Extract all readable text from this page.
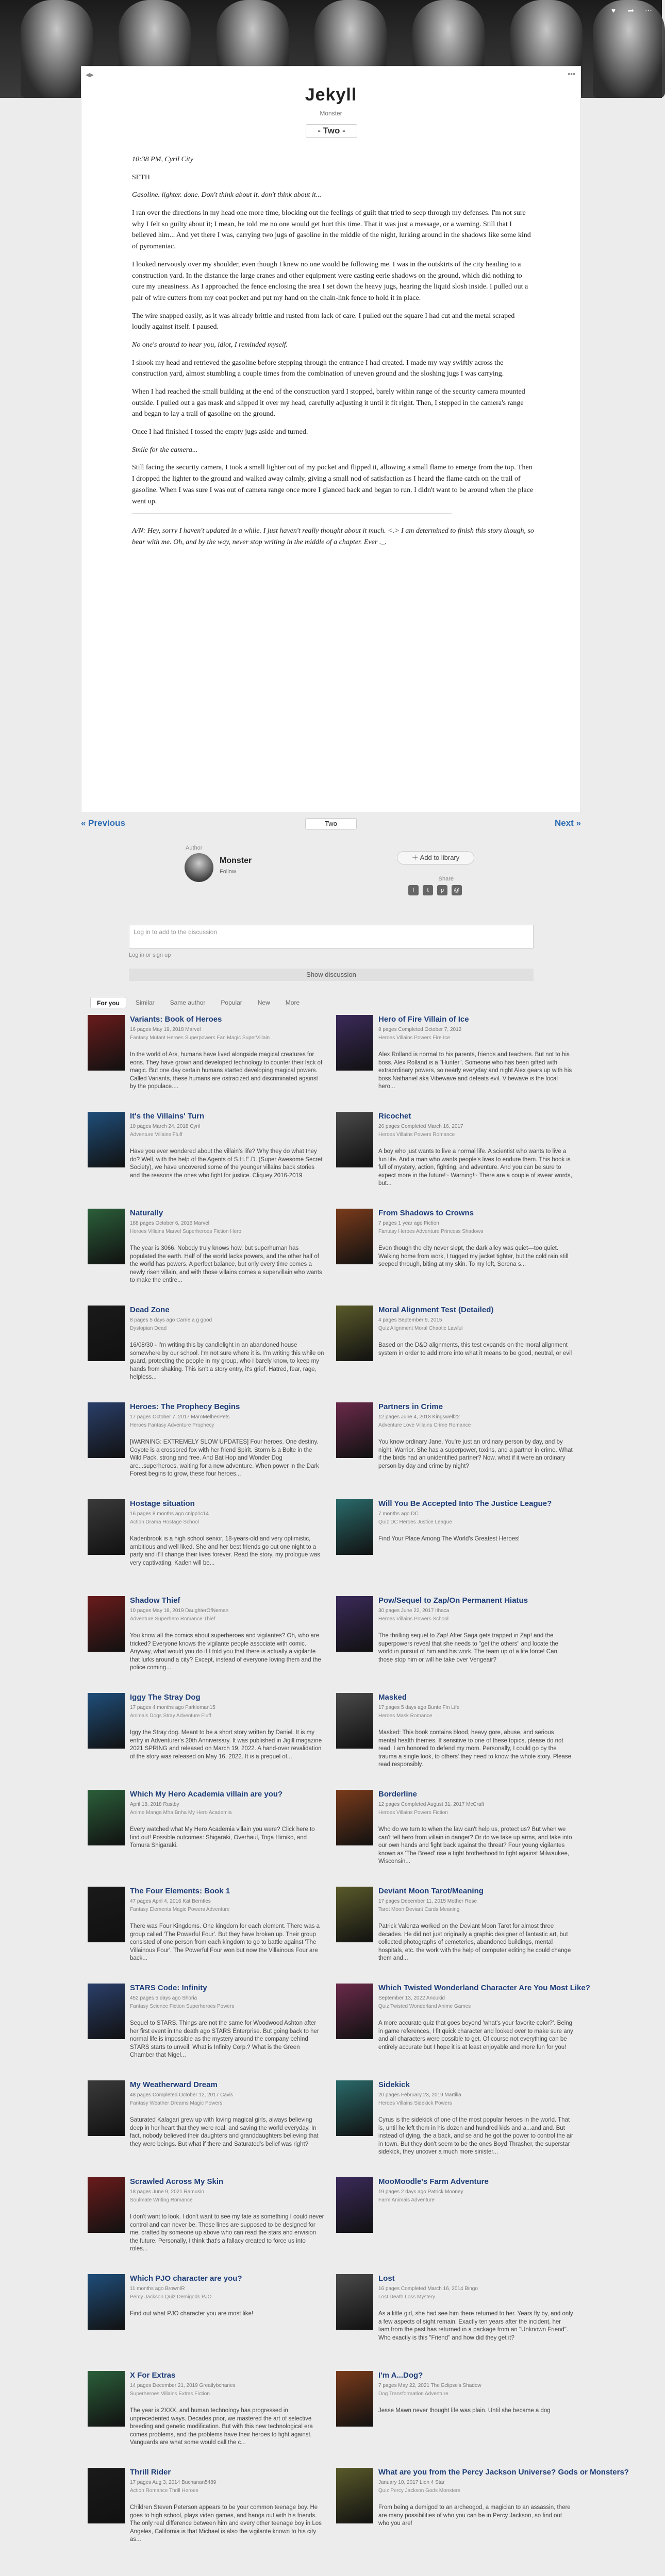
♥ ➦ ⋯
◂▸	•••
Jekyll
Monster
- Two -

10:38 PM, Cyril City

SETH

Gasoline. lighter. done. Don't think about it. don't think about it...

I ran over the directions in my head one more time, blocking out the feelings of guilt that tried to seep through my defenses. I'm not sure why I felt so guilty about it; I mean, he told me no one would get hurt this time. That it was just a message, or a warning. Still that I believed him... And yet there I was, carrying two jugs of gasoline in the middle of the night, lurking around in the shadows like some kind of pyromaniac.

I looked nervously over my shoulder, even though I knew no one would be following me. I was in the outskirts of the city heading to a construction yard. In the distance the large cranes and other equipment were casting eerie shadows on the ground, which did nothing to cure my uneasiness. As I approached the fence enclosing the area I set down the heavy jugs, hearing the liquid slosh inside. I pulled out a pair of wire cutters from my coat pocket and put my hand on the chain-link fence to hold it in place.

The wire snapped easily, as it was already brittle and rusted from lack of care. I pulled out the square I had cut and the metal scraped loudly against itself. I paused.

No one's around to hear you, idiot, I reminded myself.

I shook my head and retrieved the gasoline before stepping through the entrance I had created. I made my way swiftly across the construction yard, almost stumbling a couple times from the combination of uneven ground and the sloshing jugs I was carrying.

When I had reached the small building at the end of the construction yard I stopped, barely within range of the security camera mounted outside. I pulled out a gas mask and slipped it over my head, carefully adjusting it until it fit right. Then, I stepped in the camera's range and began to lay a trail of gasoline on the ground.

Once I had finished I tossed the empty jugs aside and turned.

Smile for the camera...

Still facing the security camera, I took a small lighter out of my pocket and flipped it, allowing a small flame to emerge from the top. Then I dropped the lighter to the ground and walked away calmly, giving a small nod of satisfaction as I heard the flame catch on the trail of gasoline. When I was sure I was out of camera range once more I glanced back and began to run. I didn't want to be around when the place went up.

A/N: Hey, sorry I haven't updated in a while. I just haven't really thought about it much. <.> I am determined to finish this story though, so bear with me. Oh, and by the way, never stop writing in the middle of a chapter. Ever ._.

« Previous	Two	Next »
Author
Monster
Follow
＋ Add to library
Share
f	t	p	@
Log in to add to the discussion
Log in or sign up
Show discussion
For you	Similar	Same author	Popular	New	More
Variants: Book of Heroes
16 pages May 19, 2018 Marvel
Fantasy Mutant Heroes Superpowers Fan Magic SuperVillain
In the world of Ars, humans have lived alongside magical creatures for eons. They have grown and developed technology to counter their lack of magic. But one day certain humans started developing magical powers. Called Variants, these humans are ostracized and discriminated against by the populace....
Hero of Fire Villain of Ice
8 pages Completed October 7, 2012
Heroes Villains Powers Fire Ice
Alex Rolland is normal to his parents, friends and teachers. But not to his boss. Alex Rolland is a "Hunter". Someone who has been gifted with extraordinary powers, so nearly everyday and night Alex gears up with his boss Nathaniel aka Vibewave and defeats evil. Vibewave is the local hero...
It's the Villains' Turn
10 pages March 24, 2018 Cyril
Adventure Villains Fluff
Have you ever wondered about the villain's life? Why they do what they do? Well, with the help of the Agents of S.H.E.D. (Super Awesome Secret Society), we have uncovered some of the younger villains back stories and the reasons the ones who fight for justice. Cliquey 2016-2019
Ricochet
26 pages Completed March 16, 2017
Heroes Villains Powers Romance
A boy who just wants to live a normal life. A scientist who wants to live a fun life. And a man who wants people's lives to endure them. This book is full of mystery, action, fighting, and adventure. And you can be sure to expect more in the future!~ Warning!~ There are a couple of swear words, but...
Naturally
188 pages October 6, 2016 Marvel
Heroes Villains Marvel Superheroes Fiction Hero
The year is 3066. Nobody truly knows how, but superhuman has populated the earth. Half of the world lacks powers, and the other half of the world has powers. A perfect balance, but only every time comes a newly risen villain, and with those villains comes a supervillain who wants to make the entire...
From Shadows to Crowns
7 pages 1 year ago Fiction
Fantasy Heroes Adventure Princess Shadows
Even though the city never slept, the dark alley was quiet—too quiet. Walking home from work, I tugged my jacket tighter, but the cold rain still seeped through, biting at my skin. To my left, Serena s...
Dead Zone
8 pages 5 days ago Carrie a g good
Dystopian Dead
16/08/30 - I'm writing this by candlelight in an abandoned house somewhere by our school. I'm not sure where it is. I'm writing this while on guard, protecting the people in my group, who I barely know, to keep my hands from shaking. This isn't a story entry, it's grief. Hatred, fear, rage, helpless...
Moral Alignment Test (Detailed)
4 pages September 9, 2015
Quiz Alignment Moral Chaotic Lawful
Based on the D&D alignments, this test expands on the moral alignment system in order to add more into what it means to be good, neutral, or evil
Heroes: The Prophecy Begins
17 pages October 7, 2017 MaroMelbesPets
Heroes Fantasy Adventure Prophecy
[WARNING: EXTREMELY SLOW UPDATES] Four heroes. One destiny. Coyote is a crossbred fox with her friend Spirit. Storm is a Bolte in the Wild Pack, strong and free. And Bat Hop and Wonder Dog are...superheroes, waiting for a new adventure. When power in the Dark Forest begins to grow, these four heroes...
Partners in Crime
12 pages June 4, 2018 Kingswell22
Adventure Love Villains Crime Romance
You know ordinary Jane. You're just an ordinary person by day, and by night, Warrior. She has a superpower, toxins, and a partner in crime. What if the birds had an unidentified partner? Now, what if it were an ordinary person by day and crime by night?
Hostage situation
16 pages 8 months ago cnlpp1c14
Action Drama Hostage School
Kadenbrook is a high school senior, 18-years-old and very optimistic, ambitious and well liked. She and her best friends go out one night to a party and it'll change their lives forever. Read the story, my prologue was very captivating. Kaden will be...
Will You Be Accepted Into The Justice League?
7 months ago DC
Quiz DC Heroes Justice League
Find Your Place Among The World's Greatest Heroes!
Shadow Thief
10 pages May 18, 2019 DaughterOfNeman
Adventure Superhero Romance Thief
You know all the comics about superheroes and vigilantes? Oh, who are tricked? Everyone knows the vigilante people associate with comic. Anyway, what would you do if I told you that there is actually a vigilante that lurks around a city? Except, instead of everyone loving them and the police coming...
Pow/Sequel to Zap/On Permanent Hiatus
30 pages June 22, 2017 Ithaca
Heroes Villains Powers School
The thrilling sequel to Zap! After Saga gets trapped in Zap! and the superpowers reveal that she needs to "get the others" and locate the world in pursuit of him and his work. The team up of a life force! Can those stop him or will he take over Vengeair?
Iggy The Stray Dog
17 pages 4 months ago Farkleman15
Animals Dogs Stray Adventure Fluff
Iggy the Stray dog. Meant to be a short story written by Daniel. It is my entry in Adventurer's 20th Anniversary. It was published in Jigill magazine 2021 SPRING and released on March 19, 2022. A hand-over revalidation of the story was released on May 16, 2022. It is a prequel of...
Masked
17 pages 5 days ago Bunte Fin Life
Heroes Mask Romance
Masked: This book contains blood, heavy gore, abuse, and serious mental health themes. If sensitive to one of these topics, please do not read. I am honored to defend my mom. Personally, I could go by the trauma a single look, to others' they need to know the whole story. Please read responsibly.
Which My Hero Academia villain are you?
April 18, 2018 Rustby
Anime Manga Mha Bnha My Hero Academia
Every watched what My Hero Academia villain you were? Click here to find out! Possible outcomes: Shigaraki, Overhaul, Toga Himiko, and Tomura Shigaraki.
Borderline
12 pages Completed August 31, 2017 McCraft
Heroes Villains Powers Fiction
Who do we turn to when the law can't help us, protect us? But when we can't tell hero from villain in danger? Or do we take up arms, and take into our own hands and fight back against the threat? Four young vigilantes known as 'The Breed' rise a tight brotherhood to fight against Milwaukee, Wisconsin...
The Four Elements: Book 1
47 pages April 4, 2016 Kat Berntles
Fantasy Elements Magic Powers Adventure
There was Four Kingdoms. One kingdom for each element. There was a group called 'The Powerful Four'. But they have broken up. Their group consisted of one person from each kingdom to go to battle against 'The Villainous Four'. The Powerful Four won but now the Villainous Four are back...
Deviant Moon Tarot/Meaning
17 pages December 11, 2015 Mother Rose
Tarot Moon Deviant Cards Meaning
Patrick Valenza worked on the Deviant Moon Tarot for almost three decades. He did not just originally a graphic designer of fantastic art, but collected photographs of cemeteries, abandoned buildings, mental hospitals, etc. the work with the help of computer editing he could change them and...
STARS Code: Infinity
452 pages 5 days ago Shoria
Fantasy Science Fiction Superheroes Powers
Sequel to STARS. Things are not the same for Woodwood Ashton after her first event in the death ago STARS Enterprise. But going back to her normal life is impossible as the mystery around the company behind STARS starts to unveil. What is Infinity Corp.? What is the Green Chamber that Nigel...
Which Twisted Wonderland Character Are You Most Like?
September 13, 2022 Anoukid
Quiz Twisted Wonderland Anime Games
A more accurate quiz that goes beyond 'what's your favorite color?'. Being in game references, I fit quick character and looked over to make sure any and all characters were possible to get. Of course not everything can be entirely accurate but I hope it is at least enjoyable and more fun for you!
My Weatherward Dream
48 pages Completed October 12, 2017 Cavis
Fantasy Weather Dreams Magic Powers
Saturated Kalagari grew up with loving magical girls, always believing deep in her heart that they were real, and saving the world everyday. In fact, nobody believed their daughters and granddaughters believing that they were beings. But what if there and Saturated's belief was right?
Sidekick
20 pages February 23, 2019 Martilia
Heroes Villains Sidekick Powers
Cyrus is the sidekick of one of the most popular heroes in the world. That is, until he left them in his dozen and hundred kids and a...and and. But instead of dying, the a back, and se and he got the power to control the air in town. But they don't seem to be the ones Boyd Thrasher, the superstar sidekick, they uncover a much more sinister...
Scrawled Across My Skin
18 pages June 9, 2021 Ramusin
Soulmate Writing Romance
I don't want to look. I don't want to see my fate as something I could never control and can never be. These lines are supposed to be designed for me, crafted by someone up above who can read the stars and envision the future. Personally, I think that's a fallacy created to force us into roles...
MooMoodle's Farm Adventure
19 pages 2 days ago Patrick Mooney
Farm Animals Adventure
Which PJO character are you?
11 months ago BrownIR
Percy Jackson Quiz Demigods PJO
Find out what PJO character you are most like!
Lost
16 pages Completed March 16, 2014 Bingo
Lost Death Loss Mystery
As a little girl, she had see him there returned to her. Years fly by, and only a few aspects of sight remain. Exactly ten years after the incident, her liam from the past has returned in a package from an "Unknown Friend". Who exactly is this "Friend" and how did they get it?
X For Extras
14 pages December 21, 2019 Greatlybcharies
Superheroes Villains Extras Fiction
The year is 2XXX, and human technology has progressed in unprecedented ways. Decades prior, we mastered the art of selective breeding and genetic modification. But with this new technological era comes problems, and the problems have their heroes to fight against. Vanguards are what some would call the c...
I'm A...Dog?
7 pages May 22, 2021 The Eclipse's Shadow
Dog Transformation Adventure
Jesse Mawn never thought life was plain. Until she became a dog
Thrill Rider
17 pages Aug 3, 2014 Buchanan5489
Action Romance Thrill Heroes
Children Steven Peterson appears to be your common teenage boy. He goes to high school, plays video games, and hangs out with his friends. The only real difference between him and every other teenage boy in Los Angeles, California is that Michael is also the vigilante known to his city as...
What are you from the Percy Jackson Universe? Gods or Monsters?
January 10, 2017 Lion 4 Star
Quiz Percy Jackson Gods Monsters
From being a demigod to an archeogod, a magician to an assassin, there are many possibilities of who you can be in Percy Jackson, so find out who you are!
